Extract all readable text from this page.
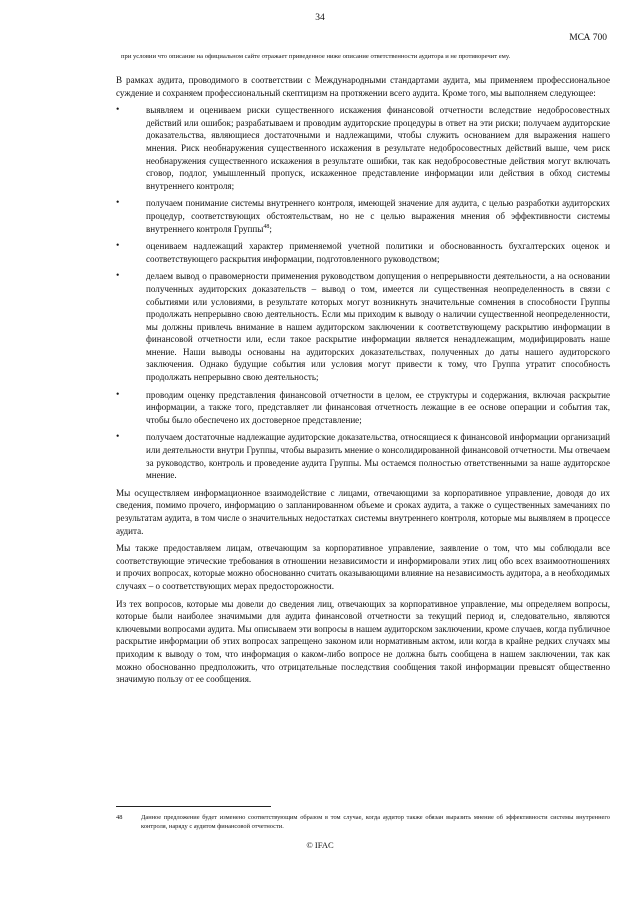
34
МСА 700
при условии что описание на официальном сайте отражает приведенное ниже описание ответственности аудитора и не противоречит ему.

В рамках аудита, проводимого в соответствии с Международными стандартами аудита, мы применяем профессиональное суждение и сохраняем профессиональный скептицизм на протяжении всего аудита. Кроме того, мы выполняем следующее:

•	выявляем и оцениваем риски существенного искажения финансовой отчетности вследствие недобросовестных действий или ошибок; разрабатываем и проводим аудиторские процедуры в ответ на эти риски; получаем аудиторские доказательства, являющиеся достаточными и надлежащими, чтобы служить основанием для выражения нашего мнения. Риск необнаружения существенного искажения в результате недобросовестных действий выше, чем риск необнаружения существенного искажения в результате ошибки, так как недобросовестные действия могут включать сговор, подлог, умышленный пропуск, искаженное представление информации или действия в обход системы внутреннего контроля;
•	получаем понимание системы внутреннего контроля, имеющей значение для аудита, с целью разработки аудиторских процедур, соответствующих обстоятельствам, но не с целью выражения мнения об эффективности системы внутреннего контроля Группы$^{48}$;
•	оцениваем надлежащий характер применяемой учетной политики и обоснованность бухгалтерских оценок и соответствующего раскрытия информации, подготовленного руководством;
•	делаем вывод о правомерности применения руководством допущения о непрерывности деятельности, а на основании полученных аудиторских доказательств – вывод о том, имеется ли существенная неопределенность в связи с событиями или условиями, в результате которых могут возникнуть значительные сомнения в способности Группы продолжать непрерывно свою деятельность. Если мы приходим к выводу о наличии существенной неопределенности, мы должны привлечь внимание в нашем аудиторском заключении к соответствующему раскрытию информации в финансовой отчетности или, если такое раскрытие информации является ненадлежащим, модифицировать наше мнение. Наши выводы основаны на аудиторских доказательствах, полученных до даты нашего аудиторского заключения. Однако будущие события или условия могут привести к тому, что Группа утратит способность продолжать непрерывно свою деятельность;
•	проводим оценку представления финансовой отчетности в целом, ее структуры и содержания, включая раскрытие информации, а также того, представляет ли финансовая отчетность лежащие в ее основе операции и события так, чтобы было обеспечено их достоверное представление;
•	получаем достаточные надлежащие аудиторские доказательства, относящиеся к финансовой информации организаций или деятельности внутри Группы, чтобы выразить мнение о консолидированной финансовой отчетности. Мы отвечаем за руководство, контроль и проведение аудита Группы. Мы остаемся полностью ответственными за наше аудиторское мнение.

Мы осуществляем информационное взаимодействие с лицами, отвечающими за корпоративное управление, доводя до их сведения, помимо прочего, информацию о запланированном объеме и сроках аудита, а также о существенных замечаниях по результатам аудита, в том числе о значительных недостатках системы внутреннего контроля, которые мы выявляем в процессе аудита.

Мы также предоставляем лицам, отвечающим за корпоративное управление, заявление о том, что мы соблюдали все соответствующие этические требования в отношении независимости и информировали этих лиц обо всех взаимоотношениях и прочих вопросах, которые можно обоснованно считать оказывающими влияние на независимость аудитора, а в необходимых случаях – о соответствующих мерах предосторожности.

Из тех вопросов, которые мы довели до сведения лиц, отвечающих за корпоративное управление, мы определяем вопросы, которые были наиболее значимыми для аудита финансовой отчетности за текущий период и, следовательно, являются ключевыми вопросами аудита. Мы описываем эти вопросы в нашем аудиторском заключении, кроме случаев, когда публичное раскрытие информации об этих вопросах запрещено законом или нормативным актом, или когда в крайне редких случаях мы приходим к выводу о том, что информация о каком-либо вопросе не должна быть сообщена в нашем заключении, так как можно обоснованно предположить, что отрицательные последствия сообщения такой информации превысят общественно значимую пользу от ее сообщения.

48	Данное предложение будет изменено соответствующим образом в том случае, когда аудитор также обязан выразить мнение об эффективности системы внутреннего контроля, наряду с аудитом финансовой отчетности.
© IFAC
